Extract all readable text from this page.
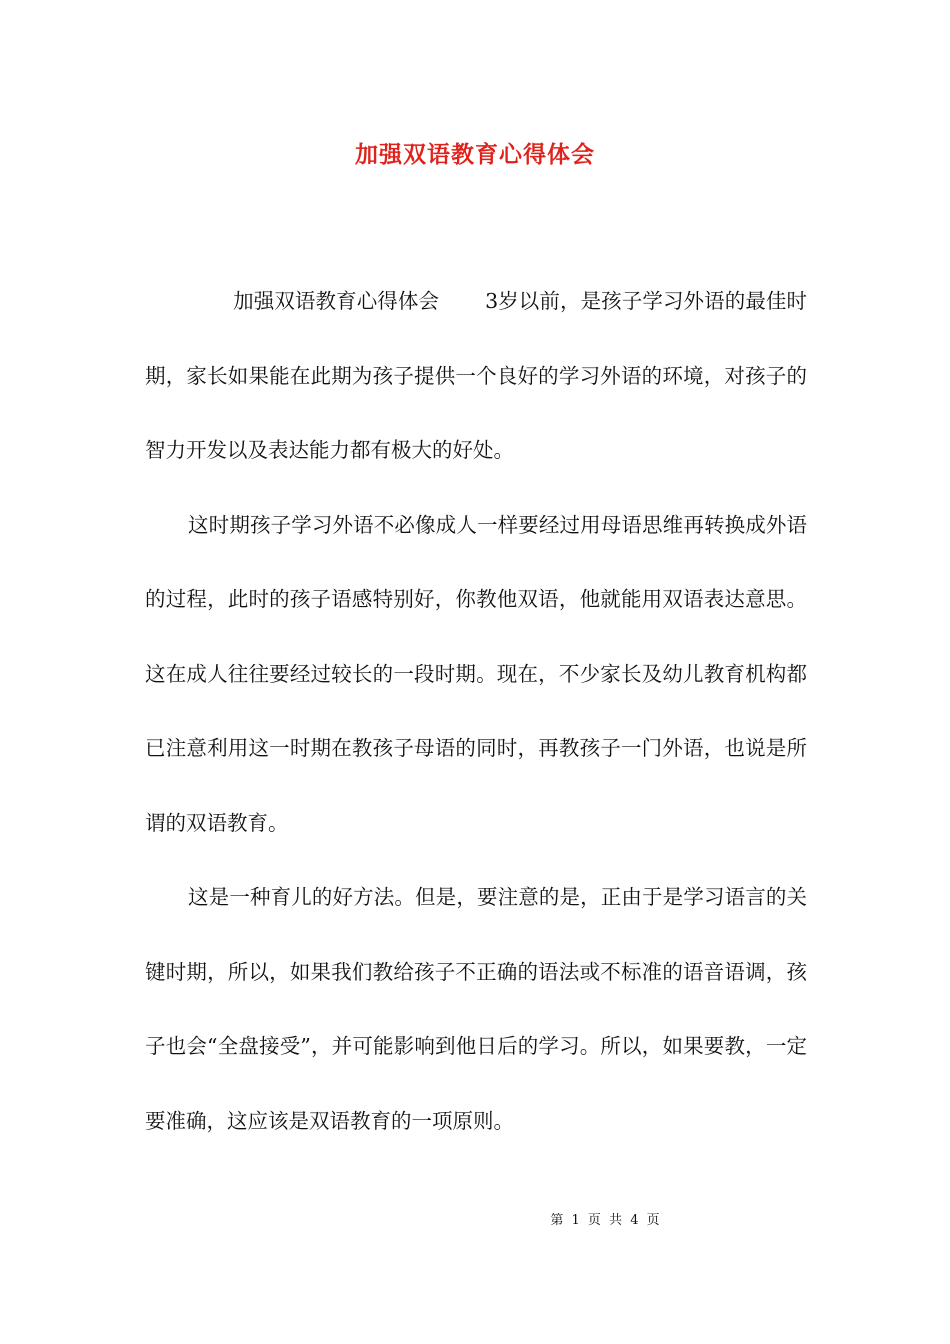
加强双语教育心得体会

加强双语教育心得体会 3岁以前，是孩子学习外语的最佳时期，家长如果能在此期为孩子提供一个良好的学习外语的环境，对孩子的智力开发以及表达能力都有极大的好处。

这时期孩子学习外语不必像成人一样要经过用母语思维再转换成外语的过程，此时的孩子语感特别好，你教他双语，他就能用双语表达意思。这在成人往往要经过较长的一段时期。现在，不少家长及幼儿教育机构都已注意利用这一时期在教孩子母语的同时，再教孩子一门外语，也说是所谓的双语教育。

这是一种育儿的好方法。但是，要注意的是，正由于是学习语言的关键时期，所以，如果我们教给孩子不正确的语法或不标准的语音语调，孩子也会“全盘接受”，并可能影响到他日后的学习。所以，如果要教，一定要准确，这应该是双语教育的一项原则。

第 1 页 共 4 页
